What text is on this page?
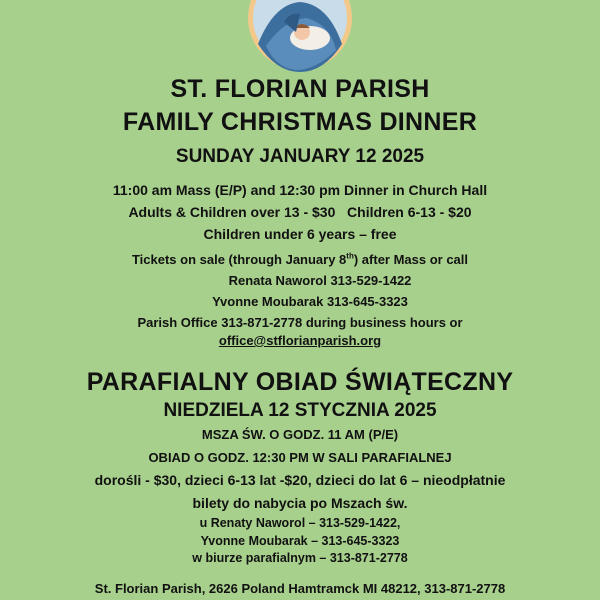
ST. FLORIAN PARISH
FAMILY CHRISTMAS DINNER
SUNDAY JANUARY 12 2025
11:00 am Mass (E/P) and 12:30 pm Dinner in Church Hall
Adults & Children over 13 - $30   Children 6-13 - $20
Children under 6 years – free
Tickets on sale (through January 8th) after Mass or call
Renata Naworol 313-529-1422
Yvonne Moubarak 313-645-3323
Parish Office 313-871-2778 during business hours or
office@stflorianparish.org
PARAFIALNY OBIAD ŚWIĄTECZNY
NIEDZIELA 12 STYCZNIA 2025
MSZA ŚW. O GODZ. 11 AM (P/E)
OBIAD O GODZ. 12:30 PM W SALI PARAFIALNEJ
dorośli - $30, dzieci 6-13 lat -$20, dzieci do lat 6 – nieodpłatnie
bilety do nabycia po Mszach św.
u Renaty Naworol – 313-529-1422,
Yvonne Moubarak – 313-645-3323
w biurze parafialnym – 313-871-2778
St. Florian Parish, 2626 Poland Hamtramck MI 48212, 313-871-2778
